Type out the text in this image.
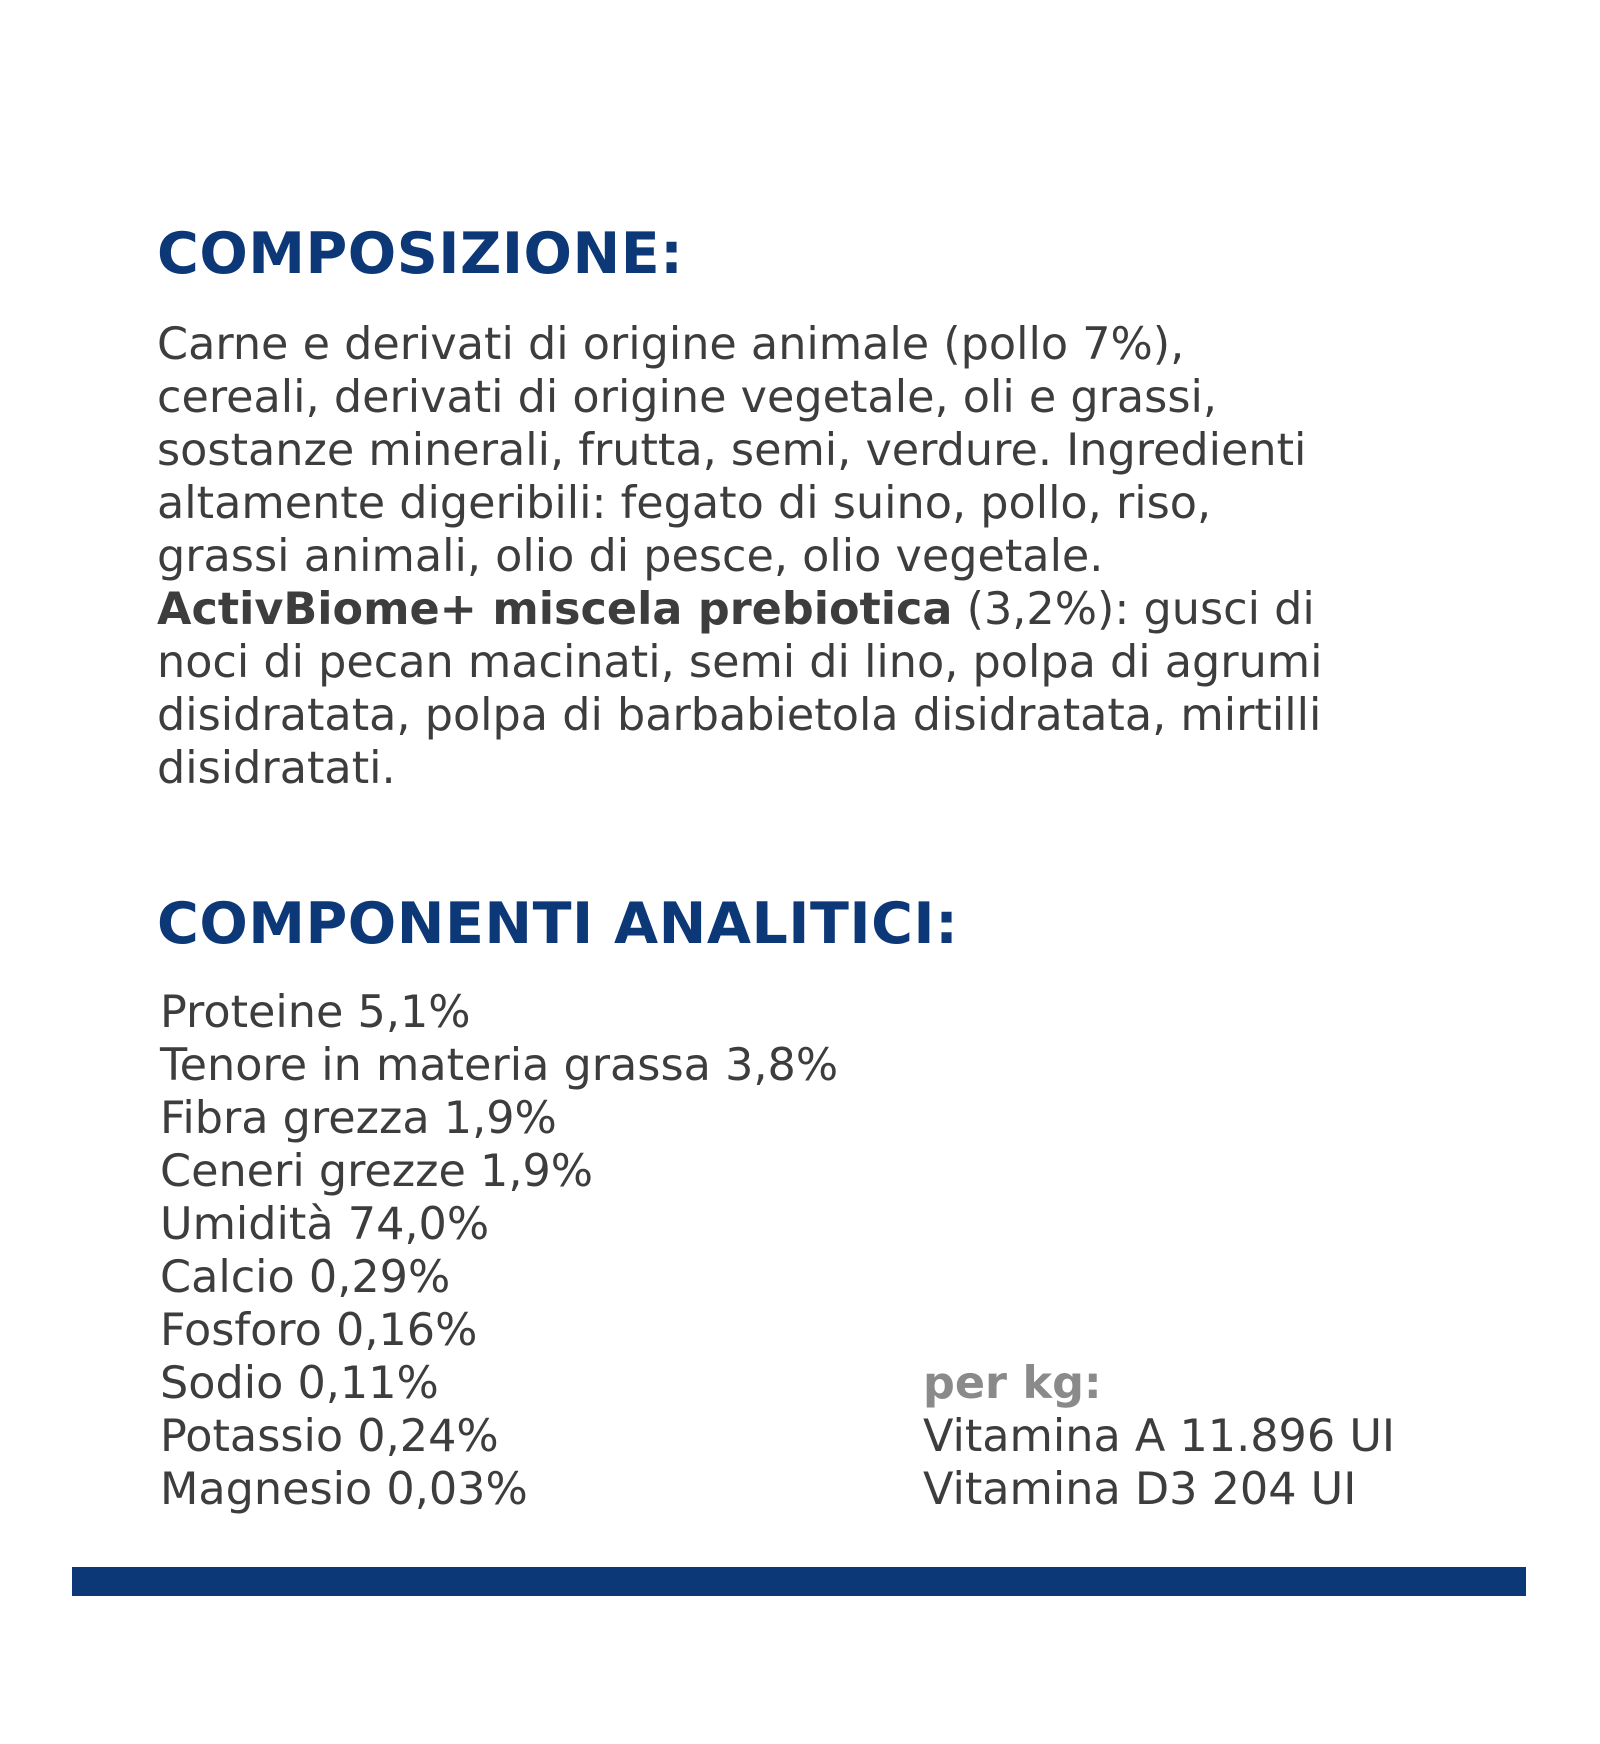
COMPOSIZIONE:
Carne e derivati di origine animale (pollo 7%),
cereali, derivati di origine vegetale, oli e grassi,
sostanze minerali, frutta, semi, verdure. Ingredienti
altamente digeribili: fegato di suino, pollo, riso,
grassi animali, olio di pesce, olio vegetale.
ActivBiome+ miscela prebiotica (3,2%): gusci di
noci di pecan macinati, semi di lino, polpa di agrumi
disidratata, polpa di barbabietola disidratata, mirtilli
disidratati.
COMPONENTI ANALITICI:
Proteine 5,1%
Tenore in materia grassa 3,8%
Fibra grezza 1,9%
Ceneri grezze 1,9%
Umidità 74,0%
Calcio 0,29%
Fosforo 0,16%
Sodio 0,11%
Potassio 0,24%
Magnesio 0,03%
per kg:
Vitamina A 11.896 UI
Vitamina D3 204 UI
